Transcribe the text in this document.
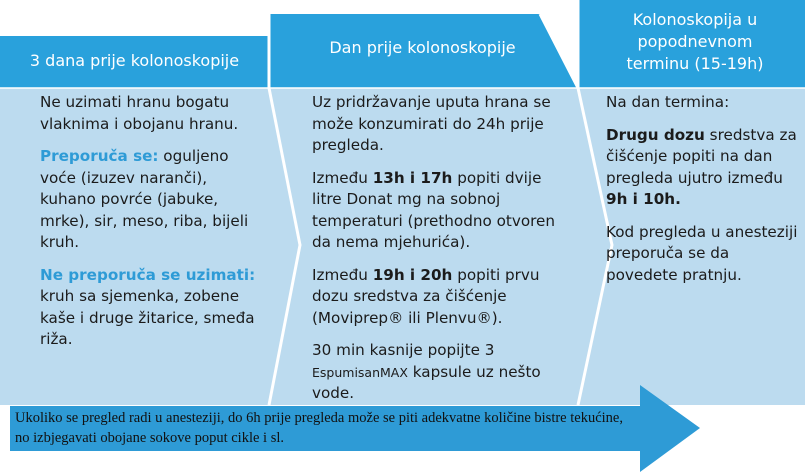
3 dana prije kolonoskopije
Dan prije kolonoskopije
Kolonoskopija u popodnevnom terminu (15-19h)

Ne uzimati hranu bogatu vlaknima i obojanu hranu.

Preporuča se: oguljeno voće (izuzev naranči), kuhano povrće (jabuke, mrke), sir, meso, riba, bijeli kruh.

Ne preporuča se uzimati: kruh sa sjemenka, zobene kaše i druge žitarice, smeđa riža.

Uz pridržavanje uputa hrana se može konzumirati do 24h prije pregleda.

Između 13h i 17h popiti dvije litre Donat mg na sobnoj temperaturi (prethodno otvoren da nema mjehurića).

Između 19h i 20h popiti prvu dozu sredstva za čišćenje (Moviprep® ili Plenvu®).

30 min kasnije popijte 3 EspumisanMAX kapsule uz nešto vode.

Na dan termina:

Drugu dozu sredstva za čišćenje popiti na dan pregleda ujutro između 9h i 10h.

Kod pregleda u anesteziji preporuča se da povedete pratnju.

Ukoliko se pregled radi u anesteziji, do 6h prije pregleda može se piti adekvatne količine bistre tekućine, no izbjegavati obojane sokove poput cikle i sl.
